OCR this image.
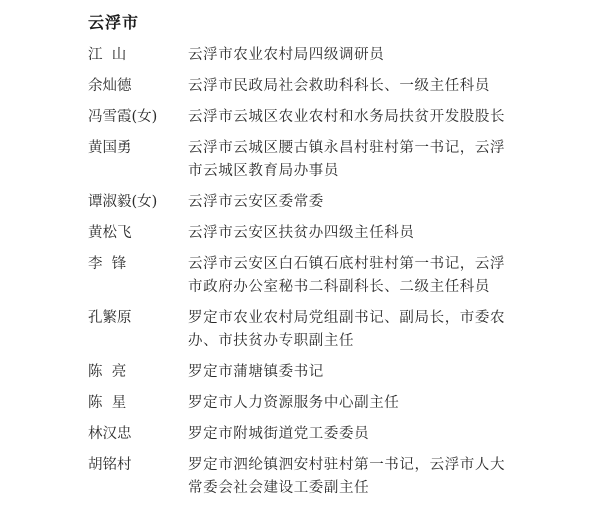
云浮市
江  山	云浮市农业农村局四级调研员
余灿德	云浮市民政局社会救助科科长、一级主任科员
冯雪霞(女)	云浮市云城区农业农村和水务局扶贫开发股股长
黄国勇	云浮市云城区腰古镇永昌村驻村第一书记，云浮市云城区教育局办事员
谭淑毅(女)	云浮市云安区委常委
黄松飞	云浮市云安区扶贫办四级主任科员
李  锋	云浮市云安区白石镇石底村驻村第一书记，云浮市政府办公室秘书二科副科长、二级主任科员
孔繁原	罗定市农业农村局党组副书记、副局长，市委农办、市扶贫办专职副主任
陈  亮	罗定市蒲塘镇委书记
陈  星	罗定市人力资源服务中心副主任
林汉忠	罗定市附城街道党工委委员
胡铭村	罗定市泗纶镇泗安村驻村第一书记，云浮市人大常委会社会建设工委副主任
